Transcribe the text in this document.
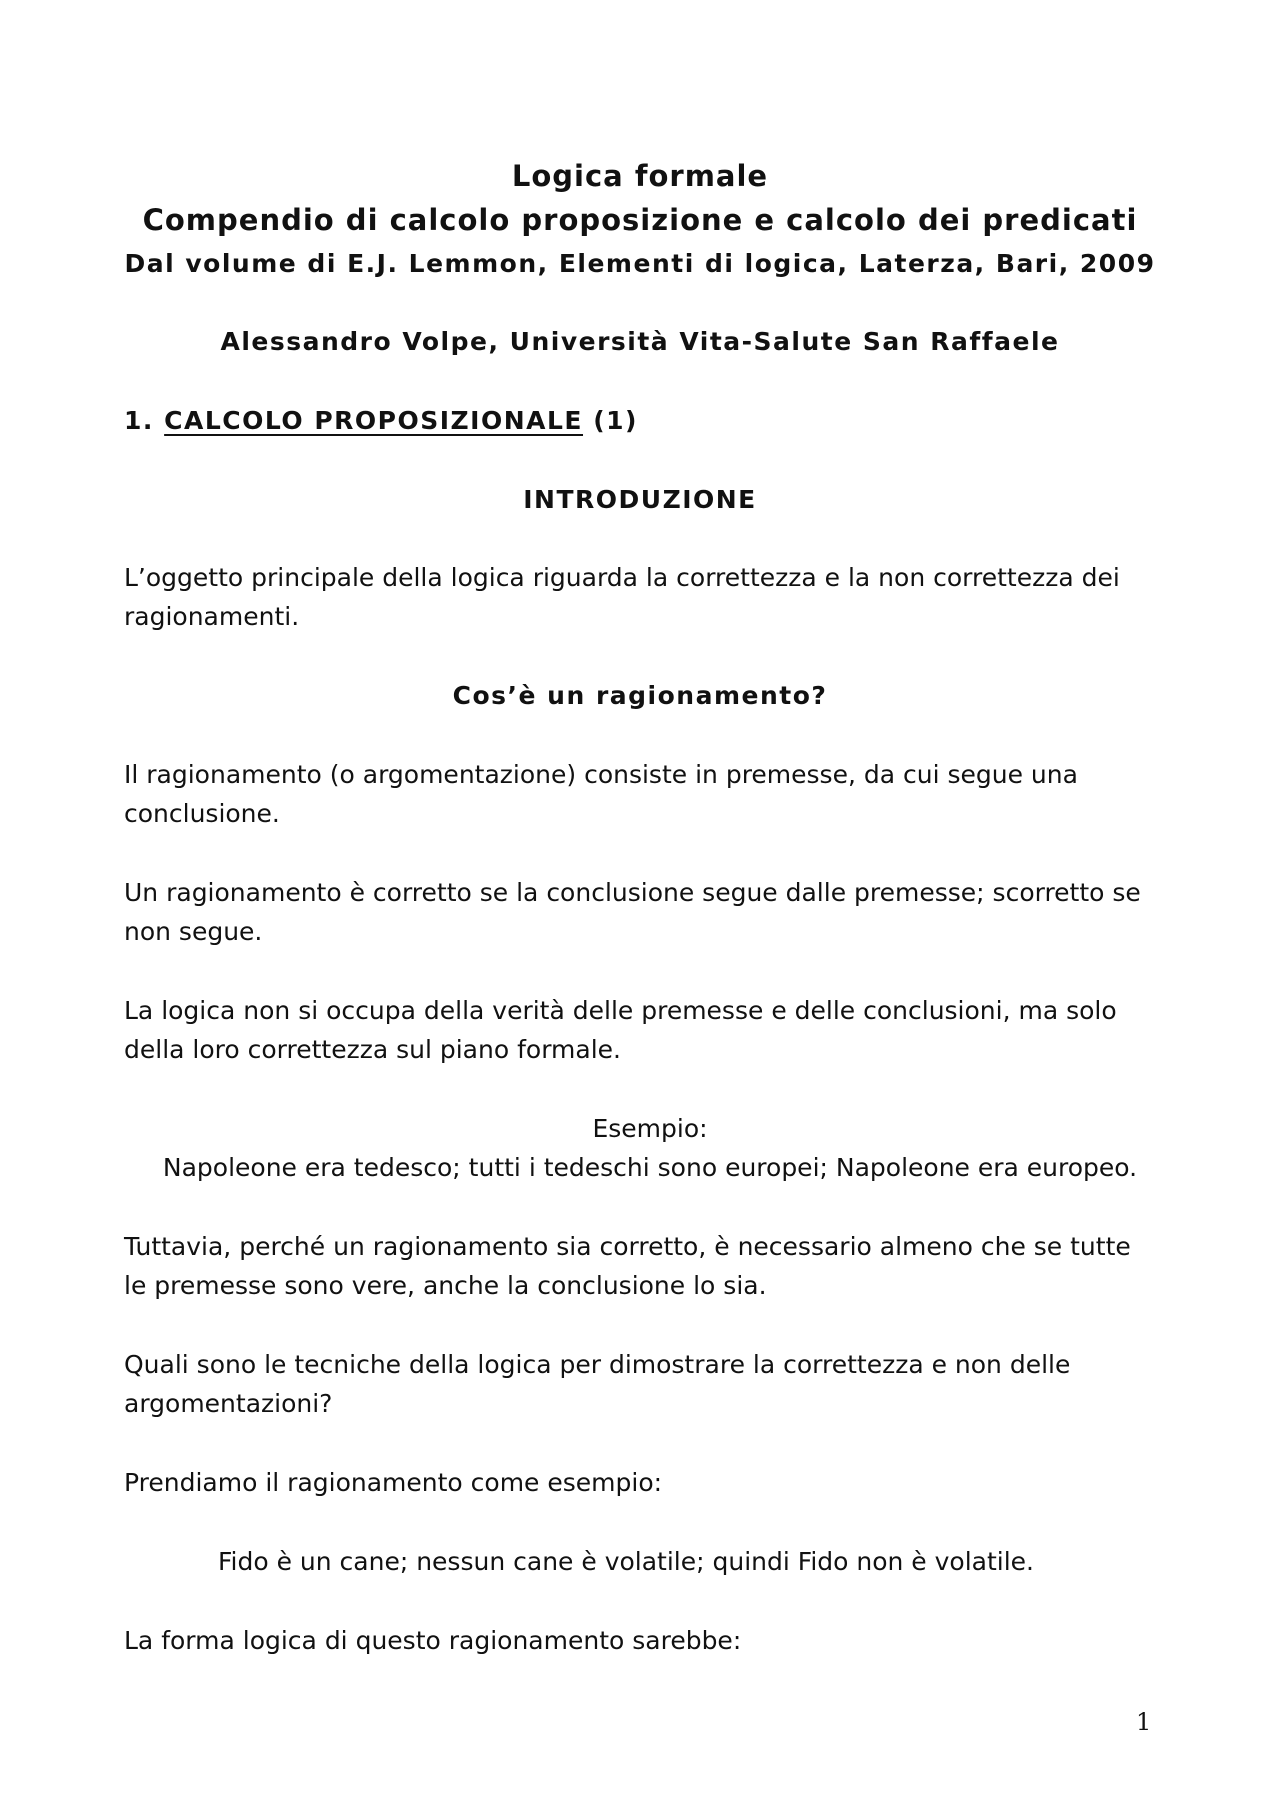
Logica formale
Compendio di calcolo proposizione e calcolo dei predicati
Dal volume di E.J. Lemmon, Elementi di logica, Laterza, Bari, 2009
Alessandro Volpe, Università Vita-Salute San Raffaele
1. CALCOLO PROPOSIZIONALE (1)
INTRODUZIONE
L’oggetto principale della logica riguarda la correttezza e la non correttezza dei
ragionamenti.
Cos’è un ragionamento?
Il ragionamento (o argomentazione) consiste in premesse, da cui segue una
conclusione.
Un ragionamento è corretto se la conclusione segue dalle premesse; scorretto se
non segue.
La logica non si occupa della verità delle premesse e delle conclusioni, ma solo
della loro correttezza sul piano formale.
Esempio:
Napoleone era tedesco; tutti i tedeschi sono europei; Napoleone era europeo.
Tuttavia, perché un ragionamento sia corretto, è necessario almeno che se tutte
le premesse sono vere, anche la conclusione lo sia.
Quali sono le tecniche della logica per dimostrare la correttezza e non delle
argomentazioni?
Prendiamo il ragionamento come esempio:
Fido è un cane; nessun cane è volatile; quindi Fido non è volatile.
La forma logica di questo ragionamento sarebbe:
1
